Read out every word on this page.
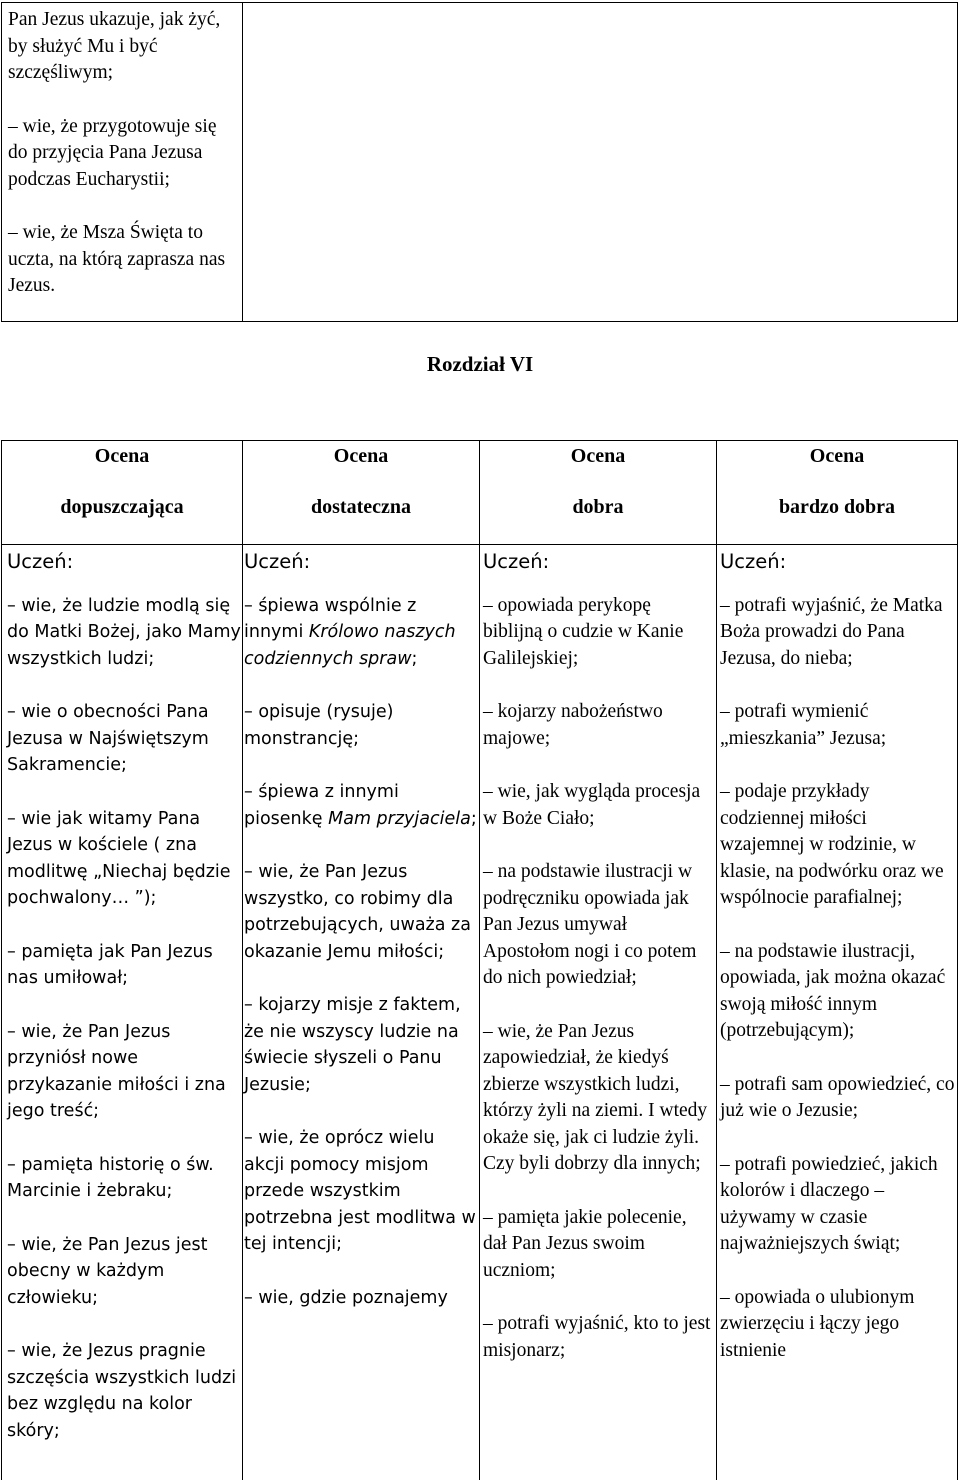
Pan Jezus ukazuje, jak żyć, by służyć Mu i być szczęśliwym;

– wie, że przygotowuje się do przyjęcia Pana Jezusa podczas Eucharystii;

– wie, że Msza Święta to uczta, na którą zaprasza nas Jezus.

Rozdział VI
Ocena
dopuszczająca
Ocena
dostateczna
Ocena
dobra
Ocena
bardzo dobra
Uczeń:

– wie, że ludzie modlą się do Matki Bożej, jako Mamy wszystkich ludzi;

– wie o obecności Pana Jezusa w Najświętszym Sakramencie;

– wie jak witamy Pana Jezus w kościele ( zna modlitwę „Niechaj będzie pochwalony… ”);

– pamięta jak Pan Jezus nas umiłował;

– wie, że Pan Jezus przyniósł nowe przykazanie miłości i zna jego treść;

– pamięta historię o św. Marcinie i żebraku;

– wie, że Pan Jezus jest obecny w każdym człowieku;

– wie, że Jezus pragnie szczęścia wszystkich ludzi bez względu na kolor skóry;

Uczeń:

– śpiewa wspólnie z innymi Królowo naszych codziennych spraw;

– opisuje (rysuje) monstrancję;

– śpiewa z innymi piosenkę Mam przyjaciela;

– wie, że Pan Jezus wszystko, co robimy dla potrzebujących, uważa za okazanie Jemu miłości;

– kojarzy misje z faktem, że nie wszyscy ludzie na świecie słyszeli o Panu Jezusie;

– wie, że oprócz wielu akcji pomocy misjom przede wszystkim potrzebna jest modlitwa w tej intencji;

– wie, gdzie poznajemy

Uczeń:

– opowiada perykopę biblijną o cudzie w Kanie Galilejskiej;

– kojarzy nabożeństwo majowe;

– wie, jak wygląda procesja w Boże Ciało;

– na podstawie ilustracji w podręczniku opowiada jak Pan Jezus umywał Apostołom nogi i co potem do nich powiedział;

– wie, że Pan Jezus zapowiedział, że kiedyś zbierze wszystkich ludzi, którzy żyli na ziemi. I wtedy okaże się, jak ci ludzie żyli. Czy byli dobrzy dla innych;

– pamięta jakie polecenie, dał Pan Jezus swoim uczniom;

– potrafi wyjaśnić, kto to jest misjonarz;

Uczeń:

– potrafi wyjaśnić, że Matka Boża prowadzi do Pana Jezusa, do nieba;

– potrafi wymienić „mieszkania” Jezusa;

– podaje przykłady codziennej miłości wzajemnej w rodzinie, w klasie, na podwórku oraz we wspólnocie parafialnej;

– na podstawie ilustracji, opowiada, jak można okazać swoją miłość innym (potrzebującym);

– potrafi sam opowiedzieć, co już wie o Jezusie;

– potrafi powiedzieć, jakich kolorów i dlaczego – używamy w czasie najważniejszych świąt;

– opowiada o ulubionym zwierzęciu i łączy jego istnienie
